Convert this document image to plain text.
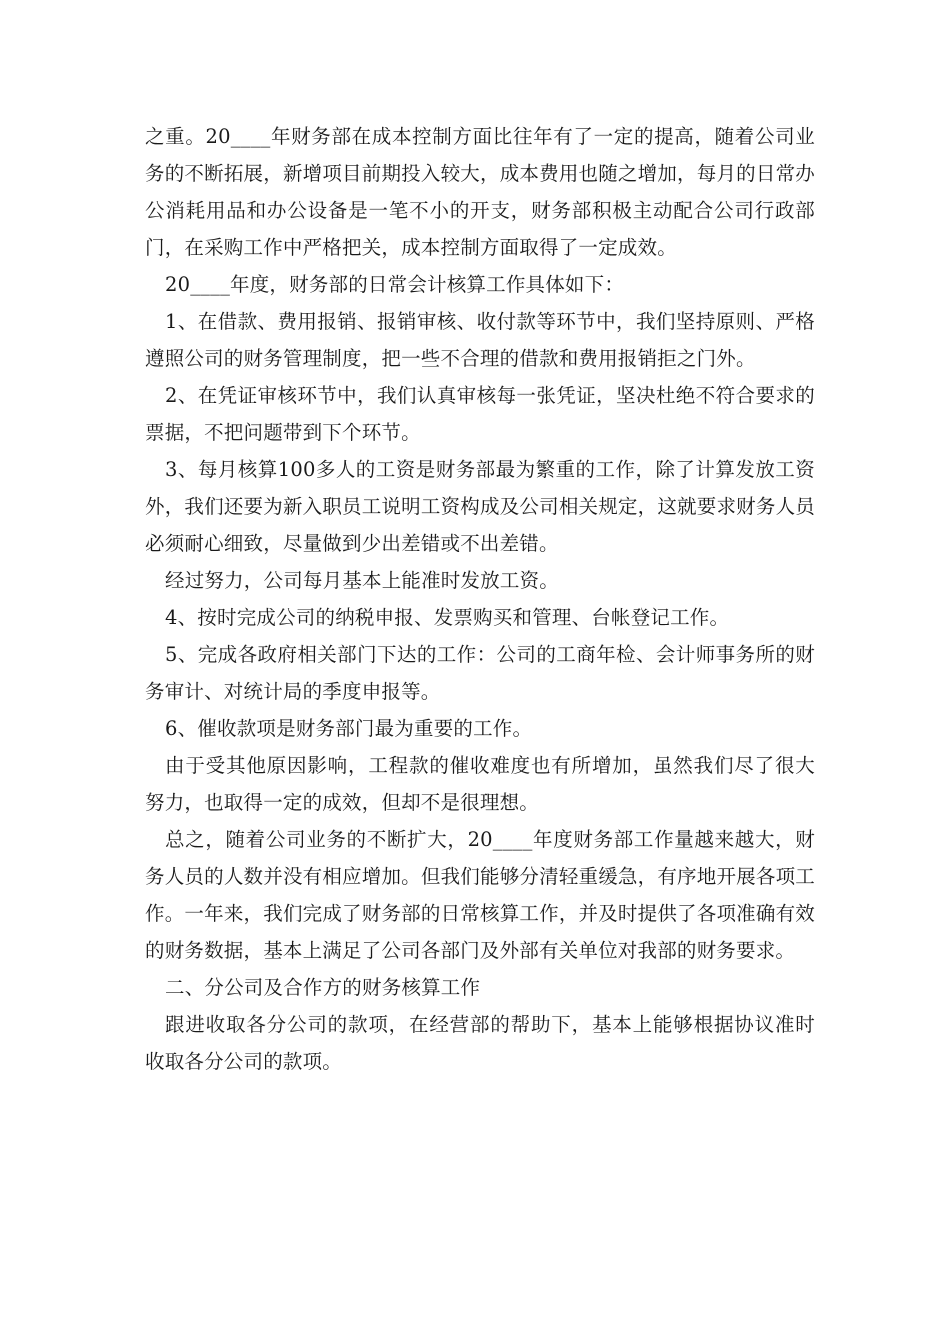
之重。20____年财务部在成本控制方面比往年有了一定的提高，随着公司业务的不断拓展，新增项目前期投入较大，成本费用也随之增加，每月的日常办公消耗用品和办公设备是一笔不小的开支，财务部积极主动配合公司行政部门，在采购工作中严格把关，成本控制方面取得了一定成效。

20____年度，财务部的日常会计核算工作具体如下：

1、在借款、费用报销、报销审核、收付款等环节中，我们坚持原则、严格遵照公司的财务管理制度，把一些不合理的借款和费用报销拒之门外。

2、在凭证审核环节中，我们认真审核每一张凭证，坚决杜绝不符合要求的票据，不把问题带到下个环节。

3、每月核算100多人的工资是财务部最为繁重的工作，除了计算发放工资外，我们还要为新入职员工说明工资构成及公司相关规定，这就要求财务人员必须耐心细致，尽量做到少出差错或不出差错。

经过努力，公司每月基本上能准时发放工资。

4、按时完成公司的纳税申报、发票购买和管理、台帐登记工作。

5、完成各政府相关部门下达的工作：公司的工商年检、会计师事务所的财务审计、对统计局的季度申报等。

6、催收款项是财务部门最为重要的工作。

由于受其他原因影响，工程款的催收难度也有所增加，虽然我们尽了很大努力，也取得一定的成效，但却不是很理想。

总之，随着公司业务的不断扩大，20____年度财务部工作量越来越大，财务人员的人数并没有相应增加。但我们能够分清轻重缓急，有序地开展各项工作。一年来，我们完成了财务部的日常核算工作，并及时提供了各项准确有效的财务数据，基本上满足了公司各部门及外部有关单位对我部的财务要求。

二、分公司及合作方的财务核算工作

跟进收取各分公司的款项，在经营部的帮助下，基本上能够根据协议准时收取各分公司的款项。
